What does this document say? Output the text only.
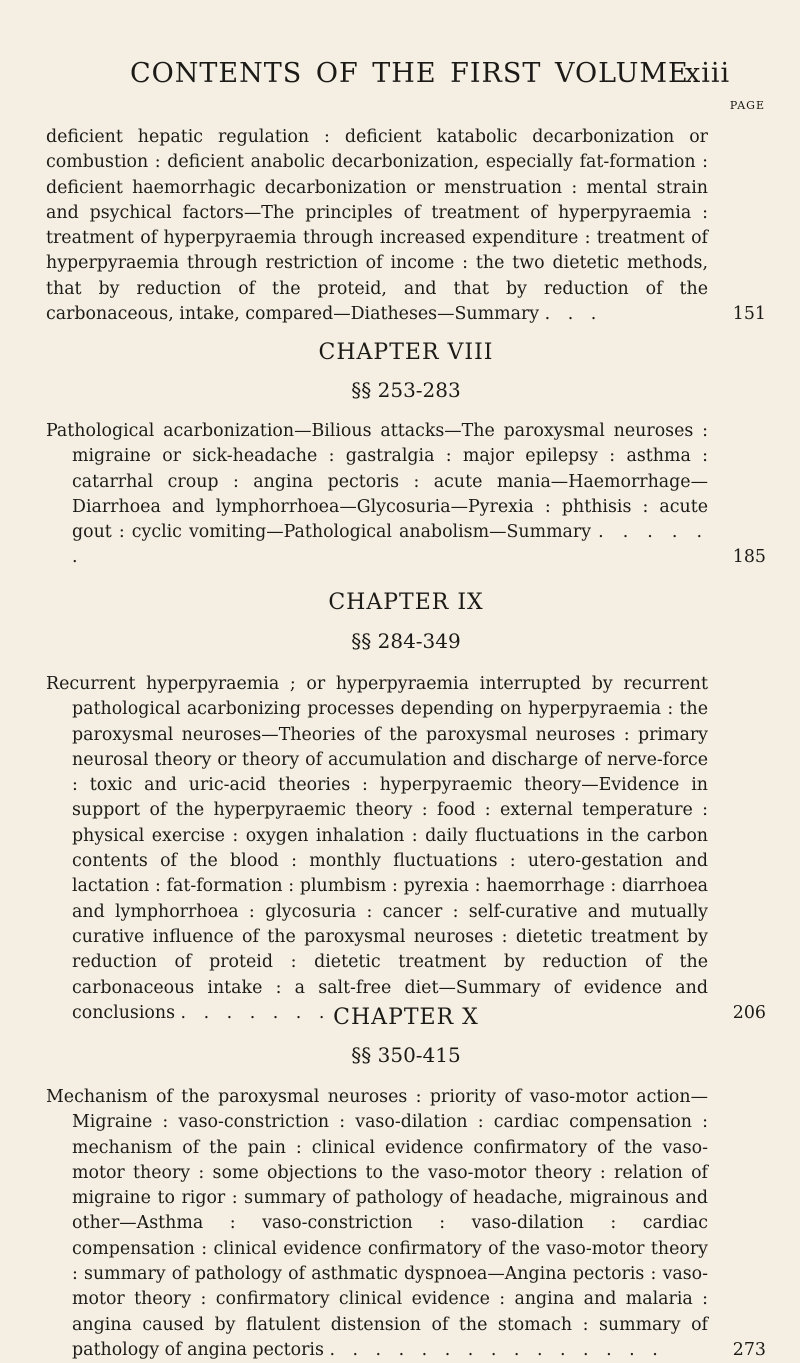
CONTENTS OF THE FIRST VOLUME
xiii
PAGE
deficient hepatic regulation : deficient katabolic decarbonization or combustion : deficient anabolic decarbonization, especially fat-formation : deficient haemorrhagic decarbonization or menstruation : mental strain and psychical factors—The principles of treatment of hyperpyraemia : treatment of hyperpyraemia through increased expenditure : treatment of hyperpyraemia through restriction of income : the two dietetic methods, that by reduction of the proteid, and that by reduction of the carbonaceous, intake, compared—Diatheses—Summary . . .	151
CHAPTER VIII
§§ 253-283
Pathological acarbonization—Bilious attacks—The paroxysmal neuroses : migraine or sick-headache : gastralgia : major epilepsy : asthma : catarrhal croup : angina pectoris : acute mania—Haemorrhage—Diarrhoea and lymphorrhoea—Glycosuria—Pyrexia : phthisis : acute gout : cyclic vomiting—Pathological anabolism—Summary . . . . . .	185
CHAPTER IX
§§ 284-349
Recurrent hyperpyraemia ; or hyperpyraemia interrupted by recurrent pathological acarbonizing processes depending on hyperpyraemia : the paroxysmal neuroses—Theories of the paroxysmal neuroses : primary neurosal theory or theory of accumulation and discharge of nerve-force : toxic and uric-acid theories : hyperpyraemic theory—Evidence in support of the hyperpyraemic theory : food : external temperature : physical exercise : oxygen inhalation : daily fluctuations in the carbon contents of the blood : monthly fluctuations : utero-gestation and lactation : fat-formation : plumbism : pyrexia : haemorrhage : diarrhoea and lymphorrhoea : glycosuria : cancer : self-curative and mutually curative influence of the paroxysmal neuroses : dietetic treatment by reduction of proteid : dietetic treatment by reduction of the carbonaceous intake : a salt-free diet—Summary of evidence and conclusions . . . . . . .	206
CHAPTER X
§§ 350-415
Mechanism of the paroxysmal neuroses : priority of vaso-motor action—Migraine : vaso-constriction : vaso-dilation : cardiac compensation : mechanism of the pain : clinical evidence confirmatory of the vaso-motor theory : some objections to the vaso-motor theory : relation of migraine to rigor : summary of pathology of headache, migrainous and other—Asthma : vaso-constriction : vaso-dilation : cardiac compensation : clinical evidence confirmatory of the vaso-motor theory : summary of pathology of asthmatic dyspnoea—Angina pectoris : vaso-motor theory : confirmatory clinical evidence : angina and malaria : angina caused by flatulent distension of the stomach : summary of pathology of angina pectoris . . . . . . . . . . . . . . .	273
